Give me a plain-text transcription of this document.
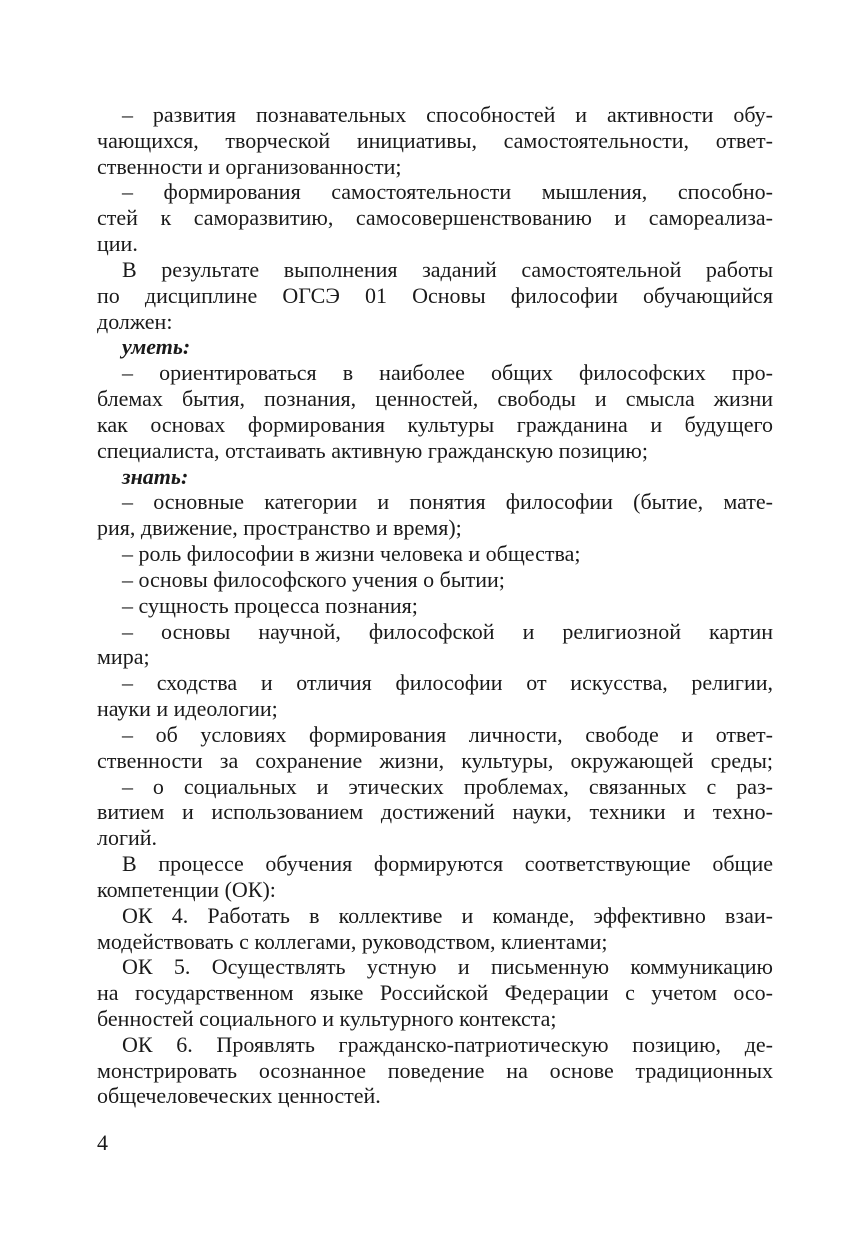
– развития познавательных способностей и активности обу-
чающихся, творческой инициативы, самостоятельности, ответ-
ственности и организованности;
– формирования самостоятельности мышления, способно-
стей к саморазвитию, самосовершенствованию и самореализа-
ции.
В результате выполнения заданий самостоятельной работы
по дисциплине ОГСЭ 01 Основы философии обучающийся
должен:
уметь:
– ориентироваться в наиболее общих философских про-
блемах бытия, познания, ценностей, свободы и смысла жизни
как основах формирования культуры гражданина и будущего
специалиста, отстаивать активную гражданскую позицию;
знать:
– основные категории и понятия философии (бытие, мате-
рия, движение, пространство и время);
– роль философии в жизни человека и общества;
– основы философского учения о бытии;
– сущность процесса познания;
– основы научной, философской и религиозной картин
мира;
– сходства и отличия философии от искусства, религии,
науки и идеологии;
– об условиях формирования личности, свободе и ответ-
ственности за сохранение жизни, культуры, окружающей среды;
– о социальных и этических проблемах, связанных с раз-
витием и использованием достижений науки, техники и техно-
логий.
В процессе обучения формируются соответствующие общие
компетенции (ОК):
ОК 4. Работать в коллективе и команде, эффективно взаи-
модействовать с коллегами, руководством, клиентами;
ОК 5. Осуществлять устную и письменную коммуникацию
на государственном языке Российской Федерации с учетом осо-
бенностей социального и культурного контекста;
ОК 6. Проявлять гражданско-патриотическую позицию, де-
монстрировать осознанное поведение на основе традиционных
общечеловеческих ценностей.
4
